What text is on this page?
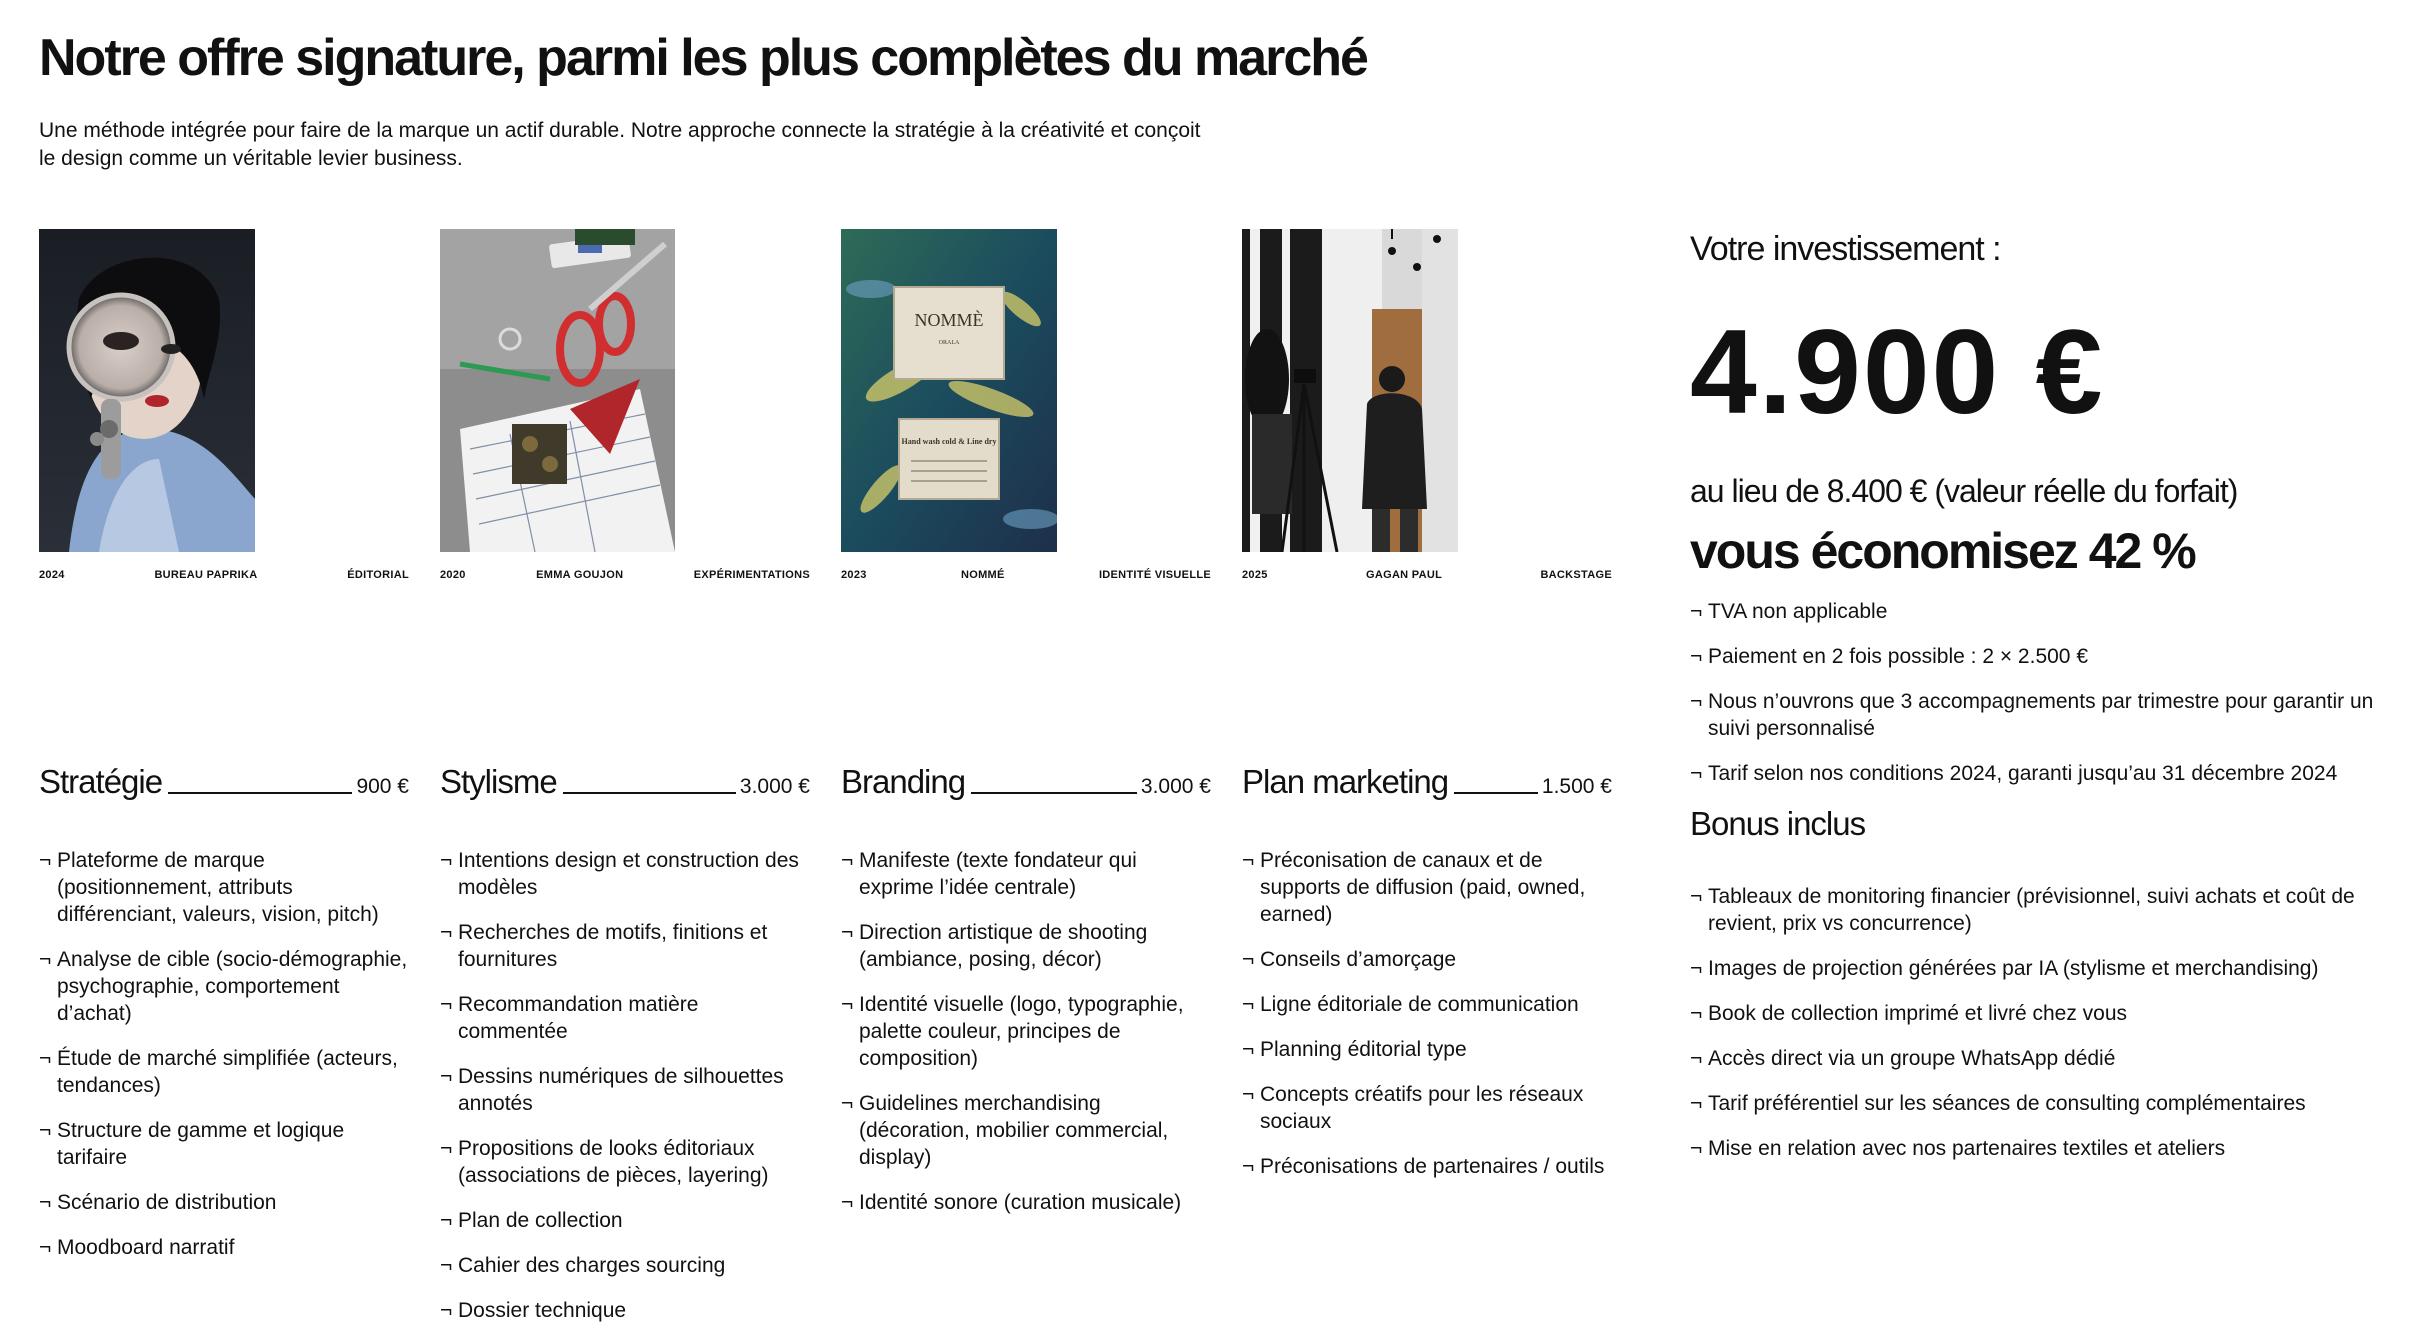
Notre offre signature, parmi les plus complètes du marché

Une méthode intégrée pour faire de la marque un actif durable. Notre approche connecte la stratégie à la créativité et conçoit le design comme un véritable levier business.

2024	BUREAU PAPRIKA	ÉDITORIAL
Stratégie	900 €
¬ Plateforme de marque (positionnement, attributs différenciant, valeurs, vision, pitch)
¬ Analyse de cible (socio-démographie, psychographie, comportement d’achat)
¬ Étude de marché simplifiée (acteurs, tendances)
¬ Structure de gamme et logique tarifaire
¬ Scénario de distribution
¬ Moodboard narratif
2020	EMMA GOUJON	EXPÉRIMENTATIONS
Stylisme	3.000 €
¬ Intentions design et construction des modèles
¬ Recherches de motifs, finitions et fournitures
¬ Recommandation matière commentée
¬ Dessins numériques de silhouettes annotés
¬ Propositions de looks éditoriaux (associations de pièces, layering)
¬ Plan de collection
¬ Cahier des charges sourcing
¬ Dossier technique
NOMMÈ
ORALA
Hand wash cold & Line dry
2023	NOMMÉ	IDENTITÉ VISUELLE
Branding	3.000 €
¬ Manifeste (texte fondateur qui exprime l’idée centrale)
¬ Direction artistique de shooting (ambiance, posing, décor)
¬ Identité visuelle (logo, typographie, palette couleur, principes de composition)
¬ Guidelines merchandising (décoration, mobilier commercial, display)
¬ Identité sonore (curation musicale)
2025	GAGAN PAUL	BACKSTAGE
Plan marketing	1.500 €
¬ Préconisation de canaux et de supports de diffusion (paid, owned, earned)
¬ Conseils d’amorçage
¬ Ligne éditoriale de communication
¬ Planning éditorial type
¬ Concepts créatifs pour les réseaux sociaux
¬ Préconisations de partenaires / outils

Votre investissement :

4.900 €
au lieu de 8.400 € (valeur réelle du forfait)
vous économisez 42 %
¬ TVA non applicable
¬ Paiement en 2 fois possible : 2 × 2.500 €
¬ Nous n’ouvrons que 3 accompagnements par trimestre pour garantir un suivi personnalisé
¬ Tarif selon nos conditions 2024, garanti jusqu’au 31 décembre 2024
Bonus inclus
¬ Tableaux de monitoring financier (prévisionnel, suivi achats et coût de revient, prix vs concurrence)
¬ Images de projection générées par IA (stylisme et merchandising)
¬ Book de collection imprimé et livré chez vous
¬ Accès direct via un groupe WhatsApp dédié
¬ Tarif préférentiel sur les séances de consulting complémentaires
¬ Mise en relation avec nos partenaires textiles et ateliers
